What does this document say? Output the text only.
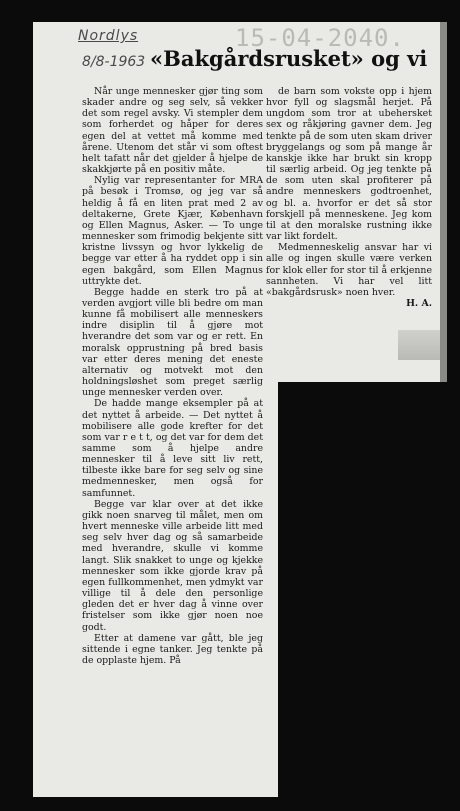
Nordlys
8/8-1963
15-04-2040.
«Bakgårdsrusket» og vi

Når unge mennesker gjør ting som skader andre og seg selv, så vekker det som regel avsky. Vi stempler dem som forherdet og håper for deres egen del at vettet må komme med årene. Utenom det står vi som oftest helt tafatt når det gjelder å hjelpe de skakkjørte på en positiv måte.

Nylig var representanter for MRA på besøk i Tromsø, og jeg var så heldig å få en liten prat med 2 av deltakerne, Grete Kjær, København og Ellen Magnus, Asker. — To unge mennesker som frimodig bekjente sitt kristne livssyn og hvor lykkelig de begge var etter å ha ryddet opp i sin egen bakgård, som Ellen Magnus uttrykte det.

Begge hadde en sterk tro på at verden avgjort ville bli bedre om man kunne få mobilisert alle menneskers indre disiplin til å gjøre mot hverandre det som var og er rett. En moralsk opprustning på bred basis var etter deres mening det eneste alternativ og motvekt mot den holdningsløshet som preget særlig unge mennesker verden over.

De hadde mange eksempler på at det nyttet å arbeide. — Det nyttet å mobilisere alle gode krefter for det som var r e t t, og det var for dem det samme som å hjelpe andre mennesker til å leve sitt liv rett, tilbeste ikke bare for seg selv og sine medmennesker, men også for samfunnet.

Begge var klar over at det ikke gikk noen snarveg til målet, men om hvert menneske ville arbeide litt med seg selv hver dag og så samarbeide med hverandre, skulle vi komme langt. Slik snakket to unge og kjekke mennesker som ikke gjorde krav på egen fullkommenhet, men ydmykt var villige til å dele den personlige gleden det er hver dag å vinne over fristelser som ikke gjør noen noe godt.

Etter at damene var gått, ble jeg sittende i egne tanker. Jeg tenkte på de opplaste hjem. På

de barn som vokste opp i hjem hvor fyll og slagsmål herjet. På ungdom som tror at ubehersket sex og råkjøring gavner dem. Jeg tenkte på de som uten skam driver bryggelangs og som på mange år kanskje ikke har brukt sin kropp til særlig arbeid. Og jeg tenkte på de som uten skal profiterer på andre menneskers godtroenhet, og bl. a. hvorfor er det så stor forskjell på menneskene. Jeg kom til at den moralske rustning ikke var likt fordelt.

Medmenneskelig ansvar har vi alle og ingen skulle være verken for klok eller for stor til å erkjenne sannheten. Vi har vel litt «bakgårdsrusk» noen hver.

H. A.
